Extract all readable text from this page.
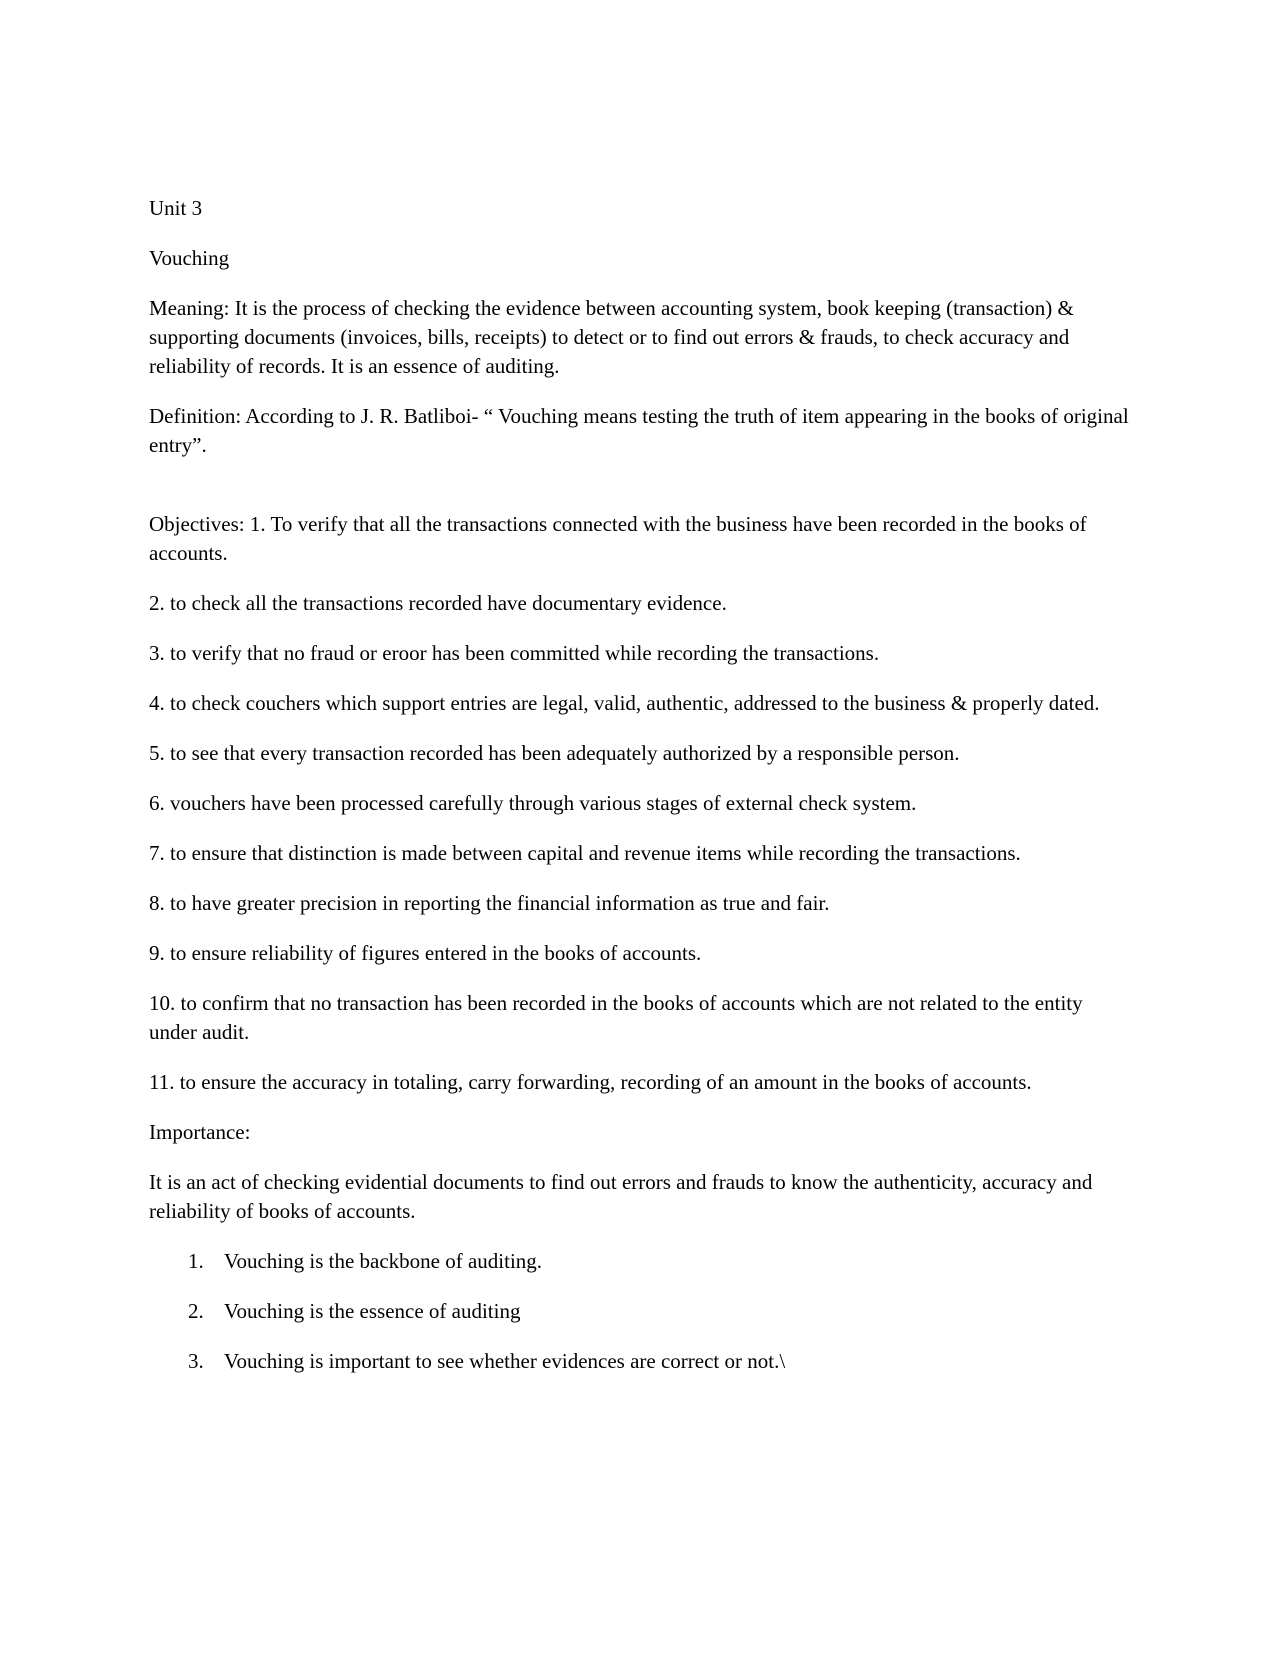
Unit 3

Vouching

Meaning: It is the process of checking the evidence between accounting system, book keeping (transaction) & supporting documents (invoices, bills, receipts) to detect or to find out errors & frauds, to check accuracy and reliability of records. It is an essence of auditing.

Definition: According to J. R. Batliboi- “ Vouching means testing the truth of item appearing in the books of original entry”.

Objectives: 1. To verify that all the transactions connected with the business have been recorded in the books of accounts.

2. to check all the transactions recorded have documentary evidence.

3. to verify that no fraud or eroor has been committed while recording the transactions.

4. to check couchers which support entries are legal, valid, authentic, addressed to the business & properly dated.

5. to see that every transaction recorded has been adequately authorized by a responsible person.

6. vouchers have been processed carefully through various stages of external check system.

7. to ensure that distinction is made between capital and revenue items while recording the transactions.

8. to have greater precision in reporting the financial information as true and fair.

9. to ensure reliability of figures entered in the books of accounts.

10. to confirm that no transaction has been recorded in the books of accounts which are not related to the entity under audit.

11. to ensure the accuracy in totaling, carry forwarding, recording of an amount in the books of accounts.

Importance:

It is an act of checking evidential documents to find out errors and frauds to know the authenticity, accuracy and reliability of books of accounts.

1. Vouching is the backbone of auditing.
2. Vouching is the essence of auditing
3. Vouching is important to see whether evidences are correct or not.\
